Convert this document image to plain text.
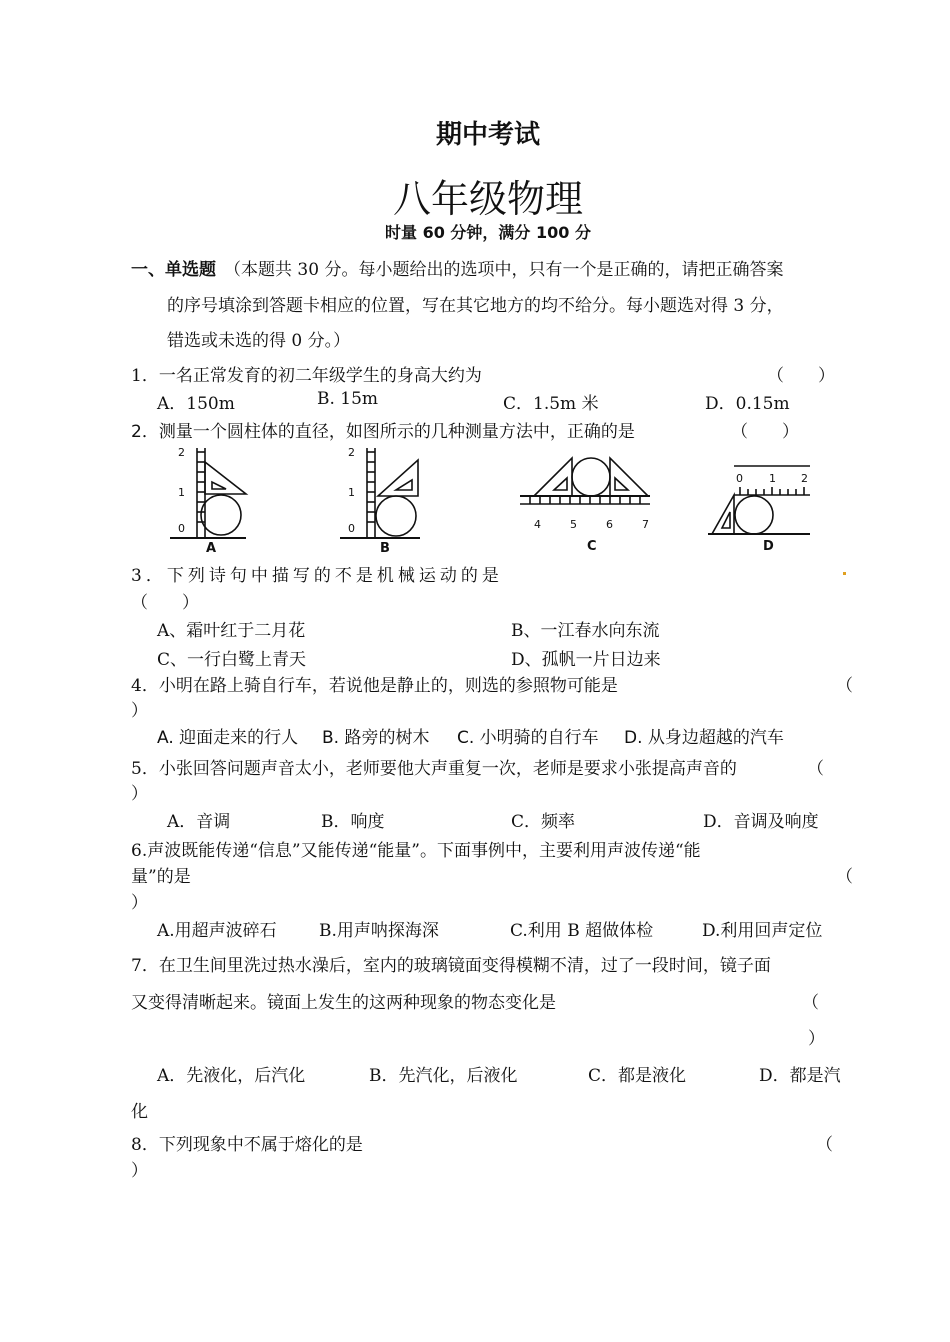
期中考试
八年级物理
时量 60 分钟，满分 100 分
一、单选题 （本题共 30 分。每小题给出的选项中，只有一个是正确的，请把正确答案
的序号填涂到答题卡相应的位置，写在其它地方的均不给分。每小题选对得 3 分，
错选或未选的得 0 分。）
1．一名正常发育的初二年级学生的身高大约为	（　　）
A．150m	B. 15m	C．1.5m 米	D．0.15m
2．测量一个圆柱体的直径，如图所示的几种测量方法中，正确的是	（　　）
2
1
0
A
2
1
0
B
4	5	6	7
C
0 1 2
D
3．下列诗句中描写的不是机械运动的是
（　　）
A、霜叶红于二月花	B、一江春水向东流
C、一行白鹭上青天	D、孤帆一片日边来
4．小明在路上骑自行车，若说他是静止的，则选的参照物可能是	（
）
A. 迎面走来的行人 B. 路旁的树木 C. 小明骑的自行车 D. 从身边超越的汽车
5．小张回答问题声音太小，老师要他大声重复一次，老师是要求小张提高声音的	（
）
A．音调	B．响度	C．频率	D．音调及响度
6.声波既能传递“信息”又能传递“能量”。下面事例中，主要利用声波传递“能
量”的是	（
）
A.用超声波碎石 B.用声呐探海深	C.利用 B 超做体检	D.利用回声定位
7．在卫生间里洗过热水澡后，室内的玻璃镜面变得模糊不清，过了一段时间，镜子面
又变得清晰起来。镜面上发生的这两种现象的物态变化是	（
）
A．先液化，后汽化	B．先汽化，后液化	C．都是液化	D．都是汽
化
8．下列现象中不属于熔化的是	（
）
